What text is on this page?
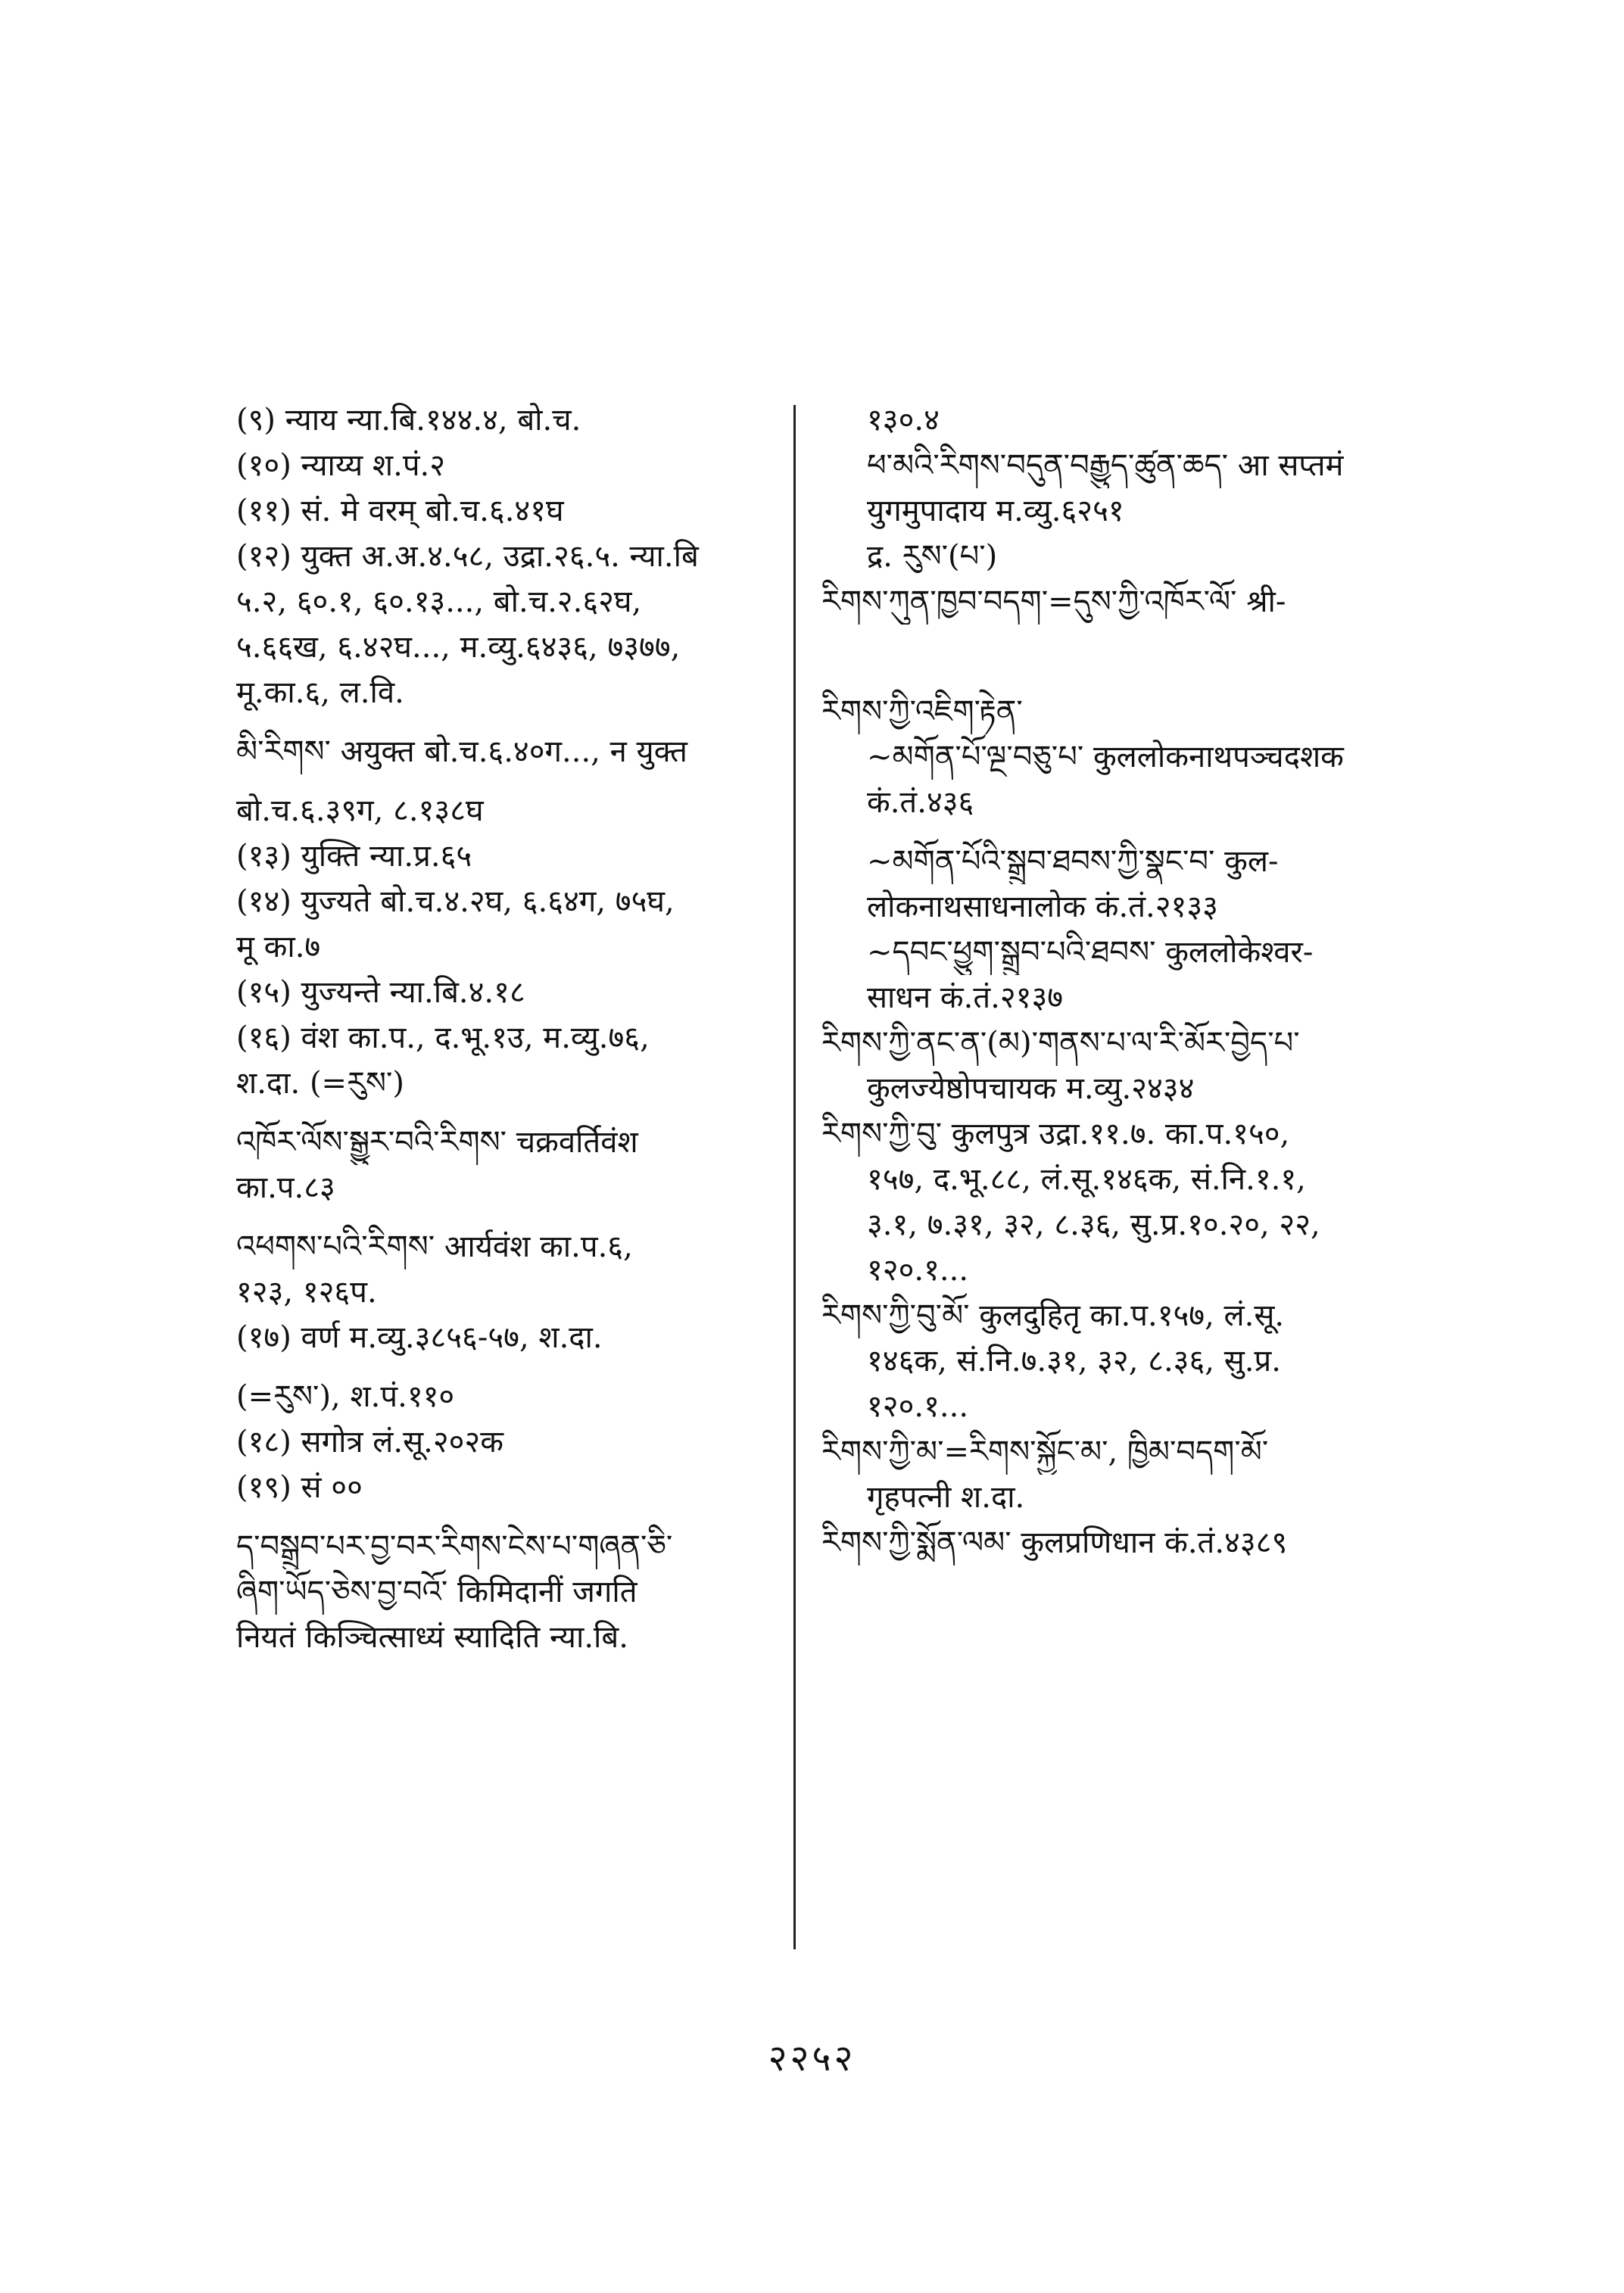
(९) न्याय न्या.बि.१४४.४, बो.च.
(१०) न्याय्य श.पं.२
(११) सं. मे वरम् बो.च.६.४१घ
(१२) युक्त अ.अ.४.५८, उद्रा.२६.५. न्या.बि
५.२, ६०.१, ६०.१३..., बो.च.२.६२घ,
५.६६ख, ६.४२घ..., म.व्यु.६४३६, ७३७७,
मू.का.६, ल.वि.
མི་རིགས་ अयुक्त बो.च.६.४०ग..., न युक्त
बो.च.६.३९ग, ८.१३८घ
(१३) युक्ति न्या.प्र.६५
(१४) युज्यते बो.च.४.२घ, ६.६४ग, ७५घ,
मू का.७
(१५) युज्यन्ते न्या.बि.४.१८
(१६) वंश का.प., द.भू.१उ, म.व्यु.७६,
श.दा. (=རུས་)
འཁོར་ལོས་སྒྱུར་བའི་རིགས་ चक्रवर्तिवंश
का.प.८३
འཕགས་པའི་རིགས་ आर्यवंश का.प.६,
१२३, १२६प.
(१७) वर्ण म.व्यु.३८५६-५७, श.दा.
(=རུས་), श.पं.११०
(१८) सगोत्र लं.सू.२०२क
(१९) सं ००
ད་བསྒྲུབ་པར་བྱ་བར་རིགས་ངེས་པ་གཞན་ཅི་
ཞིག་ཡོད་ཅེས་བྱ་བའོ་ किमिदानीं जगति
नियतं किञ्चित्साध्यं स्यादिति न्या.बि.
१३०.४
ཕ་མའི་རིགས་བདུན་བརྒྱུད་ཚུན་ཆད་ आ सप्तमं
युगमुपादाय म.व्यु.६२५१
द्र. རུས་(པ་)
རིགས་ཀུན་ཁྱབ་བདག་=དུས་ཀྱི་འཁོར་ལོ་ श्री-
རིགས་ཀྱི་འཇིག་རྟེན་
~མགོན་པོ་ལྔ་བཅུ་པ་ कुललोकनाथपञ्चदशक
कं.तं.४३६
~མགོན་པོའི་སྒྲུབ་ཐབས་ཀྱི་སྣང་བ་ कुल-
लोकनाथसाधनालोक कं.तं.२१३३
~དབང་ཕྱུག་སྒྲུབ་པའི་ཐབས་ कुललोकेश्वर-
साधन कं.तं.२१३७
རིགས་ཀྱི་ནང་ན་(མ)་གནས་པ་ལ་རི་མོར་བྱེད་པ་
कुलज्येष्ठोपचायक म.व्यु.२४३४
རིགས་ཀྱི་བུ་ कुलपुत्र उद्रा.११.७. का.प.१५०,
१५७, द.भू.८८, लं.सू.१४६क, सं.नि.१.१,
३.१, ७.३१, ३२, ८.३६, सु.प्र.१०.२०, २२,
१२०.१...
རིགས་ཀྱི་བུ་མོ་ कुलदुहितृ का.प.१५७, लं.सू.
१४६क, सं.नि.७.३१, ३२, ८.३६, सु.प्र.
१२०.१...
རིགས་ཀྱི་མ་=རིགས་སྐྱོང་མ་, ཁྱིམ་བདག་མོ་
गृहपत्नी श.दा.
རིགས་ཀྱི་སྨོན་ལམ་ कुलप्रणिधान कं.तं.४३८९
२२५२
